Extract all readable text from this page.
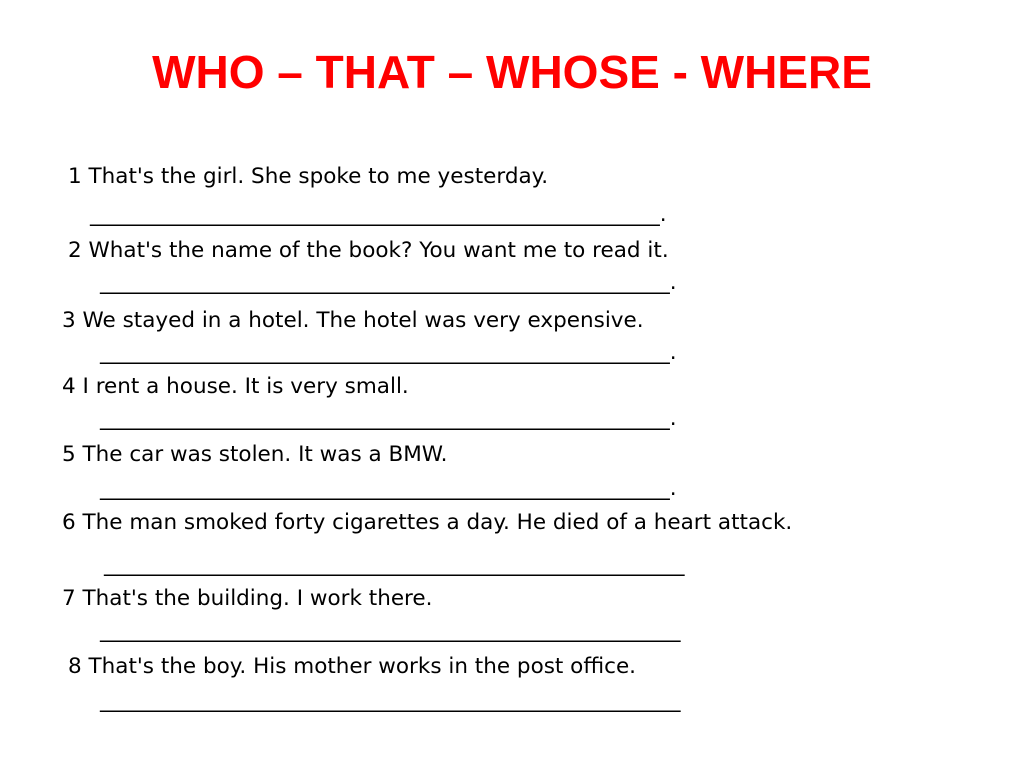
WHO – THAT – WHOSE - WHERE
1 That's the girl. She spoke to me yesterday.
_____________________________________________________.
2 What's the name of the book? You want me to read it.
_____________________________________________________.
3 We stayed in a hotel. The hotel was very expensive.
_____________________________________________________.
4 I rent a house. It is very small.
_____________________________________________________.
5 The car was stolen. It was a BMW.
_____________________________________________________.
6 The man smoked forty cigarettes a day. He died of a heart attack.
______________________________________________________
7 That's the building. I work there.
______________________________________________________
8 That's the boy. His mother works in the post office.
______________________________________________________
